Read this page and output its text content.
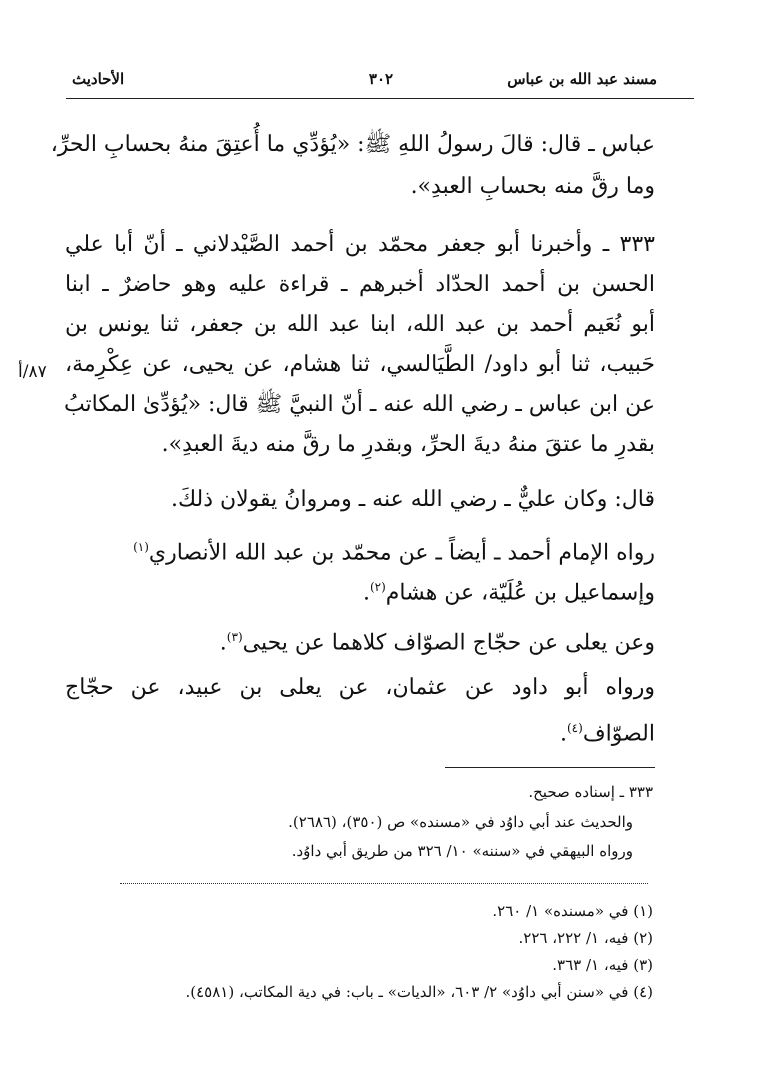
مسند عبد الله بن عباس
٣٠٢
الأحاديث
٨٧/أ
عباس ـ قال: قالَ رسولُ اللهِ ﷺ: «يُؤدِّي ما أُعتِقَ منهُ بحسابِ الحرِّ،
وما رقَّ منه بحسابِ العبدِ».
٣٣٣ ـ وأخبرنا أبو جعفر محمّد بن أحمد الصَّيْدلاني ـ أنّ أبا علي
الحسن بن أحمد الحدّاد أخبرهم ـ قراءة عليه وهو حاضرٌ ـ ابنا
أبو نُعَيم أحمد بن عبد الله، ابنا عبد الله بن جعفر، ثنا يونس بن
حَبيب، ثنا أبو داود/ الطَّيَالسي، ثنا هشام، عن يحيى، عن عِكْرِمة،
عن ابن عباس ـ رضي الله عنه ـ أنّ النبيَّ ﷺ قال: «يُؤدِّىٰ المكاتبُ
بقدرِ ما عتقَ منهُ ديةَ الحرِّ، وبقدرِ ما رقَّ منه ديةَ العبدِ».
قال: وكان عليٌّ ـ رضي الله عنه ـ ومروانُ يقولان ذلكَ.
رواه الإمام أحمد ـ أيضاً ـ عن محمّد بن عبد الله الأنصاري$^{(١)}$
وإسماعيل بن عُلَيّة، عن هشام$^{(٢)}$.
وعن يعلى عن حجّاج الصوّاف كلاهما عن يحيى$^{(٣)}$.
ورواه أبو داود عن عثمان، عن يعلى بن عبيد، عن حجّاج
الصوّاف$^{(٤)}$.
٣٣٣ ـ إسناده صحيح.
والحديث عند أبي داوُد في «مسنده» ص (٣٥٠)، (٢٦٨٦).
ورواه البيهقي في «سننه» ١٠/ ٣٢٦ من طريق أبي داوُد.
(١) في «مسنده» ١/ ٢٦٠.
(٢) فيه، ١/ ٢٢٢، ٢٢٦.
(٣) فيه، ١/ ٣٦٣.
(٤) في «سنن أبي داوُد» ٢/ ٦٠٣، «الديات» ـ باب: في دية المكاتب، (٤٥٨١).
